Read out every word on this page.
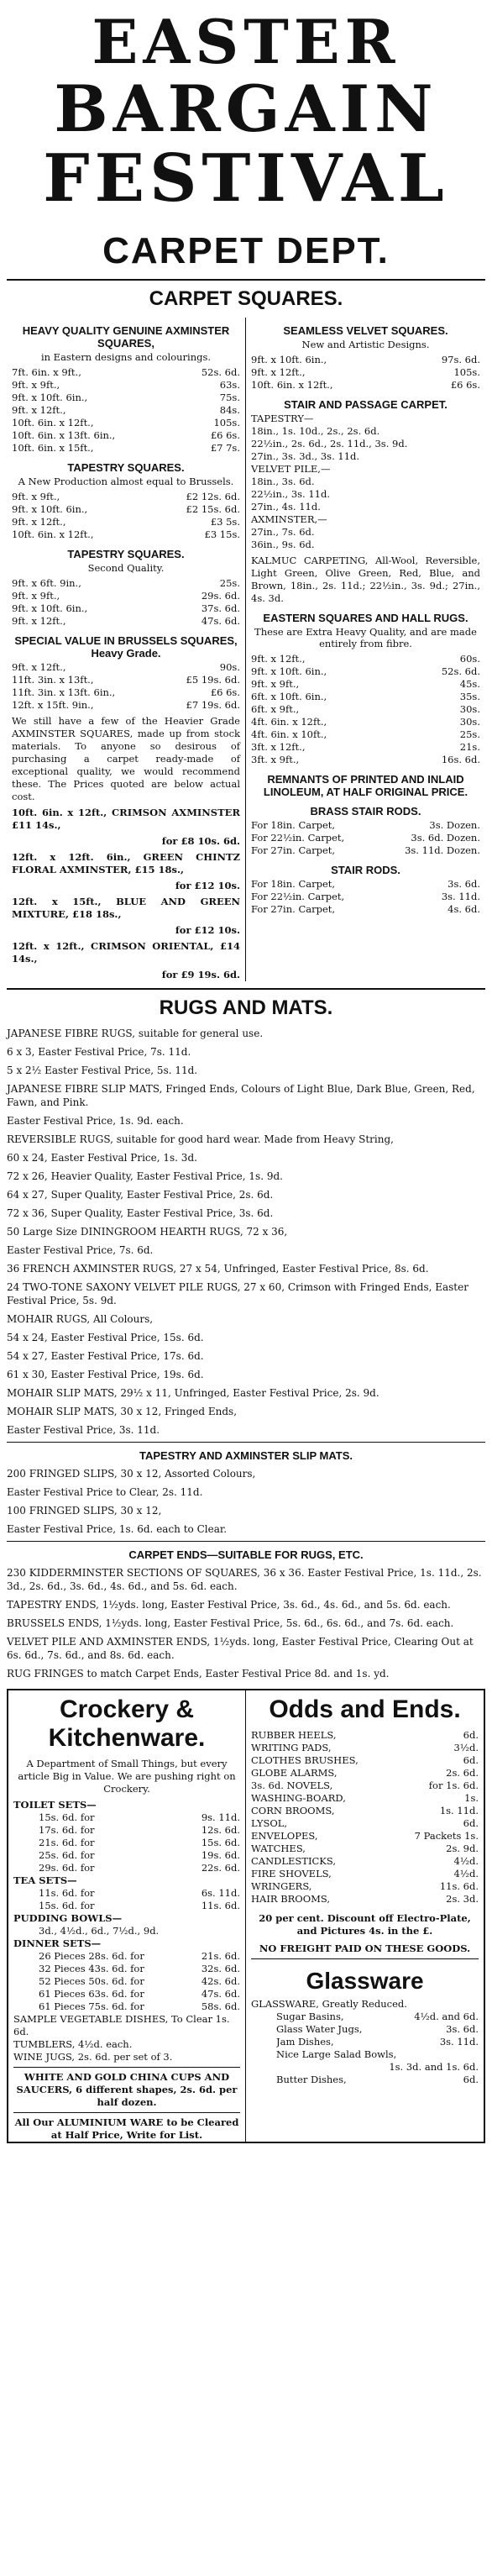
EASTER
BARGAIN
FESTIVAL
CARPET DEPT.
CARPET SQUARES.
HEAVY QUALITY GENUINE AXMINSTER SQUARES,
in Eastern designs and colourings.
7ft. 6in. x 9ft.,	52s. 6d.
9ft. x 9ft.,	63s.
9ft. x 10ft. 6in.,	75s.
9ft. x 12ft.,	84s.
10ft. 6in. x 12ft.,	105s.
10ft. 6in. x 13ft. 6in.,	£6 6s.
10ft. 6in. x 15ft.,	£7 7s.
TAPESTRY SQUARES.
A New Production almost equal to Brussels.
9ft. x 9ft.,	£2 12s. 6d.
9ft. x 10ft. 6in.,	£2 15s. 6d.
9ft. x 12ft.,	£3 5s.
10ft. 6in. x 12ft.,	£3 15s.
TAPESTRY SQUARES.
Second Quality.
9ft. x 6ft. 9in.,	25s.
9ft. x 9ft.,	29s. 6d.
9ft. x 10ft. 6in.,	37s. 6d.
9ft. x 12ft.,	47s. 6d.
SPECIAL VALUE IN BRUSSELS SQUARES, Heavy Grade.
9ft. x 12ft.,	90s.
11ft. 3in. x 13ft.,	£5 19s. 6d.
11ft. 3in. x 13ft. 6in.,	£6 6s.
12ft. x 15ft. 9in.,	£7 19s. 6d.
We still have a few of the Heavier Grade AXMINSTER SQUARES, made up from stock materials. To anyone so desirous of purchasing a carpet ready-made of exceptional quality, we would recommend these. The Prices quoted are below actual cost.
10ft. 6in. x 12ft., CRIMSON AXMINSTER £11 14s.,
for £8 10s. 6d.
12ft. x 12ft. 6in., GREEN CHINTZ FLORAL AXMINSTER, £15 18s.,
for £12 10s.
12ft. x 15ft., BLUE AND GREEN MIXTURE, £18 18s.,
for £12 10s.
12ft. x 12ft., CRIMSON ORIENTAL, £14 14s.,
for £9 19s. 6d.
SEAMLESS VELVET SQUARES.
New and Artistic Designs.
9ft. x 10ft. 6in.,	97s. 6d.
9ft. x 12ft.,	105s.
10ft. 6in. x 12ft.,	£6 6s.
STAIR AND PASSAGE CARPET.
TAPESTRY—
18in., 1s. 10d., 2s., 2s. 6d.
22½in., 2s. 6d., 2s. 11d., 3s. 9d.
27in., 3s. 3d., 3s. 11d.
VELVET PILE,—
18in., 3s. 6d.
22½in., 3s. 11d.
27in., 4s. 11d.
AXMINSTER,—
27in., 7s. 6d.
36in., 9s. 6d.
KALMUC CARPETING, All-Wool, Reversible, Light Green, Olive Green, Red, Blue, and Brown, 18in., 2s. 11d.; 22½in., 3s. 9d.; 27in., 4s. 3d.
EASTERN SQUARES AND HALL RUGS.
These are Extra Heavy Quality, and are made entirely from fibre.
9ft. x 12ft.,	60s.
9ft. x 10ft. 6in.,	52s. 6d.
9ft. x 9ft.,	45s.
6ft. x 10ft. 6in.,	35s.
6ft. x 9ft.,	30s.
4ft. 6in. x 12ft.,	30s.
4ft. 6in. x 10ft.,	25s.
3ft. x 12ft.,	21s.
3ft. x 9ft.,	16s. 6d.
REMNANTS OF PRINTED AND INLAID LINOLEUM, AT HALF ORIGINAL PRICE.
BRASS STAIR RODS.
For 18in. Carpet,	3s. Dozen.
For 22½in. Carpet,	3s. 6d. Dozen.
For 27in. Carpet,	3s. 11d. Dozen.
STAIR RODS.
For 18in. Carpet,	3s. 6d.
For 22½in. Carpet,	3s. 11d.
For 27in. Carpet,	4s. 6d.
RUGS AND MATS.
JAPANESE FIBRE RUGS, suitable for general use.
6 x 3, Easter Festival Price, 7s. 11d.
5 x 2½ Easter Festival Price, 5s. 11d.
JAPANESE FIBRE SLIP MATS, Fringed Ends, Colours of Light Blue, Dark Blue, Green, Red, Fawn, and Pink.
Easter Festival Price, 1s. 9d. each.
REVERSIBLE RUGS, suitable for good hard wear. Made from Heavy String,
60 x 24, Easter Festival Price, 1s. 3d.
72 x 26, Heavier Quality, Easter Festival Price, 1s. 9d.
64 x 27, Super Quality, Easter Festival Price, 2s. 6d.
72 x 36, Super Quality, Easter Festival Price, 3s. 6d.
50 Large Size DININGROOM HEARTH RUGS, 72 x 36,
Easter Festival Price, 7s. 6d.
36 FRENCH AXMINSTER RUGS, 27 x 54, Unfringed, Easter Festival Price, 8s. 6d.
24 TWO-TONE SAXONY VELVET PILE RUGS, 27 x 60, Crimson with Fringed Ends, Easter Festival Price, 5s. 9d.
MOHAIR RUGS, All Colours,
54 x 24, Easter Festival Price, 15s. 6d.
54 x 27, Easter Festival Price, 17s. 6d.
61 x 30, Easter Festival Price, 19s. 6d.
MOHAIR SLIP MATS, 29½ x 11, Unfringed, Easter Festival Price, 2s. 9d.
MOHAIR SLIP MATS, 30 x 12, Fringed Ends,
Easter Festival Price, 3s. 11d.
TAPESTRY AND AXMINSTER SLIP MATS.
200 FRINGED SLIPS, 30 x 12, Assorted Colours,
Easter Festival Price to Clear, 2s. 11d.
100 FRINGED SLIPS, 30 x 12,
Easter Festival Price, 1s. 6d. each to Clear.
CARPET ENDS—SUITABLE FOR RUGS, ETC.
230 KIDDERMINSTER SECTIONS OF SQUARES, 36 x 36. Easter Festival Price, 1s. 11d., 2s. 3d., 2s. 6d., 3s. 6d., 4s. 6d., and 5s. 6d. each.
TAPESTRY ENDS, 1½yds. long, Easter Festival Price, 3s. 6d., 4s. 6d., and 5s. 6d. each.
BRUSSELS ENDS, 1½yds. long, Easter Festival Price, 5s. 6d., 6s. 6d., and 7s. 6d. each.
VELVET PILE AND AXMINSTER ENDS, 1½yds. long, Easter Festival Price, Clearing Out at 6s. 6d., 7s. 6d., and 8s. 6d. each.
RUG FRINGES to match Carpet Ends, Easter Festival Price 8d. and 1s. yd.
Crockery & Kitchenware.
A Department of Small Things, but every article Big in Value. We are pushing right on Crockery.
TOILET SETS—
15s. 6d. for	9s. 11d.
17s. 6d. for	12s. 6d.
21s. 6d. for	15s. 6d.
25s. 6d. for	19s. 6d.
29s. 6d. for	22s. 6d.
TEA SETS—
11s. 6d. for	6s. 11d.
15s. 6d. for	11s. 6d.
PUDDING BOWLS—
3d., 4½d., 6d., 7½d., 9d.
DINNER SETS—
26 Pieces 28s. 6d. for	21s. 6d.
32 Pieces 43s. 6d. for	32s. 6d.
52 Pieces 50s. 6d. for	42s. 6d.
61 Pieces 63s. 6d. for	47s. 6d.
61 Pieces 75s. 6d. for	58s. 6d.
SAMPLE VEGETABLE DISHES, To Clear 1s. 6d.
TUMBLERS, 4½d. each.
WINE JUGS, 2s. 6d. per set of 3.
WHITE AND GOLD CHINA CUPS AND SAUCERS, 6 different shapes, 2s. 6d. per half dozen.
All Our ALUMINIUM WARE to be Cleared at Half Price, Write for List.
Odds and Ends.
RUBBER HEELS,	6d.
WRITING PADS,	3½d.
CLOTHES BRUSHES,	6d.
GLOBE ALARMS,	2s. 6d.
3s. 6d. NOVELS,	for 1s. 6d.
WASHING-BOARD,	1s.
CORN BROOMS,	1s. 11d.
LYSOL,	6d.
ENVELOPES,	7 Packets 1s.
WATCHES,	2s. 9d.
CANDLESTICKS,	4½d.
FIRE SHOVELS,	4½d.
WRINGERS,	11s. 6d.
HAIR BROOMS,	2s. 3d.
20 per cent. Discount off Electro-Plate, and Pictures 4s. in the £.
NO FREIGHT PAID ON THESE GOODS.
Glassware
GLASSWARE, Greatly Reduced.
Sugar Basins,	4½d. and 6d.
Glass Water Jugs,	3s. 6d.
Jam Dishes,	3s. 11d.
Nice Large Salad Bowls,
1s. 3d. and 1s. 6d.
Butter Dishes,	6d.
